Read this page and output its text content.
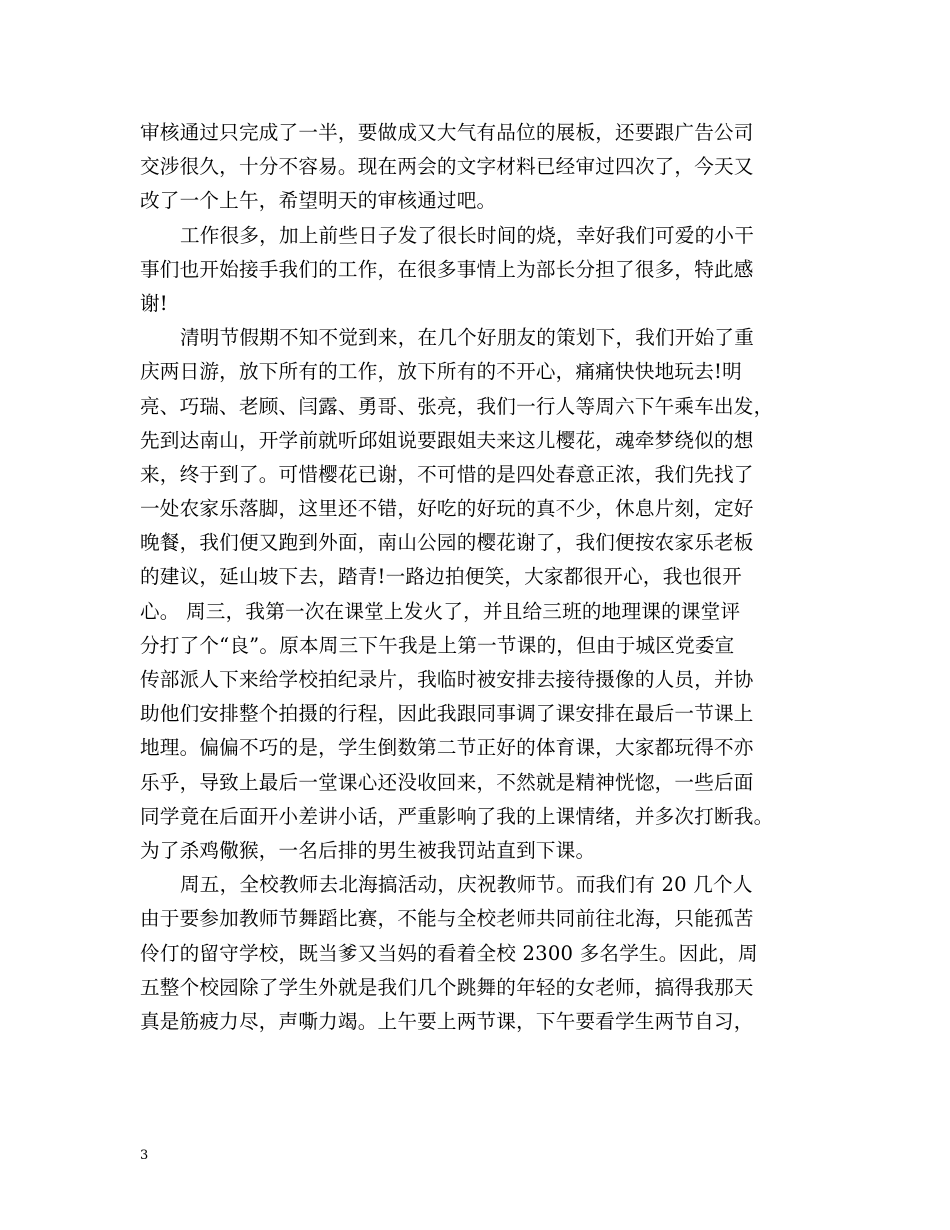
审核通过只完成了一半，要做成又大气有品位的展板，还要跟广告公司
交涉很久，十分不容易。现在两会的文字材料已经审过四次了，今天又
改了一个上午，希望明天的审核通过吧。
工作很多，加上前些日子发了很长时间的烧，幸好我们可爱的小干
事们也开始接手我们的工作，在很多事情上为部长分担了很多，特此感
谢!
清明节假期不知不觉到来，在几个好朋友的策划下，我们开始了重
庆两日游，放下所有的工作，放下所有的不开心，痛痛快快地玩去!明
亮、巧瑞、老顾、闫露、勇哥、张亮，我们一行人等周六下午乘车出发，
先到达南山，开学前就听邱姐说要跟姐夫来这儿樱花，魂牵梦绕似的想
来，终于到了。可惜樱花已谢，不可惜的是四处春意正浓，我们先找了
一处农家乐落脚，这里还不错，好吃的好玩的真不少，休息片刻，定好
晚餐，我们便又跑到外面，南山公园的樱花谢了，我们便按农家乐老板
的建议，延山坡下去，踏青!一路边拍便笑，大家都很开心，我也很开
心。 周三，我第一次在课堂上发火了，并且给三班的地理课的课堂评
分打了个“良”。原本周三下午我是上第一节课的，但由于城区党委宣
传部派人下来给学校拍纪录片，我临时被安排去接待摄像的人员，并协
助他们安排整个拍摄的行程，因此我跟同事调了课安排在最后一节课上
地理。偏偏不巧的是，学生倒数第二节正好的体育课，大家都玩得不亦
乐乎，导致上最后一堂课心还没收回来，不然就是精神恍惚，一些后面
同学竟在后面开小差讲小话，严重影响了我的上课情绪，并多次打断我。
为了杀鸡儆猴，一名后排的男生被我罚站直到下课。
周五，全校教师去北海搞活动，庆祝教师节。而我们有 20 几个人
由于要参加教师节舞蹈比赛，不能与全校老师共同前往北海，只能孤苦
伶仃的留守学校，既当爹又当妈的看着全校 2300 多名学生。因此，周
五整个校园除了学生外就是我们几个跳舞的年轻的女老师，搞得我那天
真是筋疲力尽，声嘶力竭。上午要上两节课，下午要看学生两节自习，
3
